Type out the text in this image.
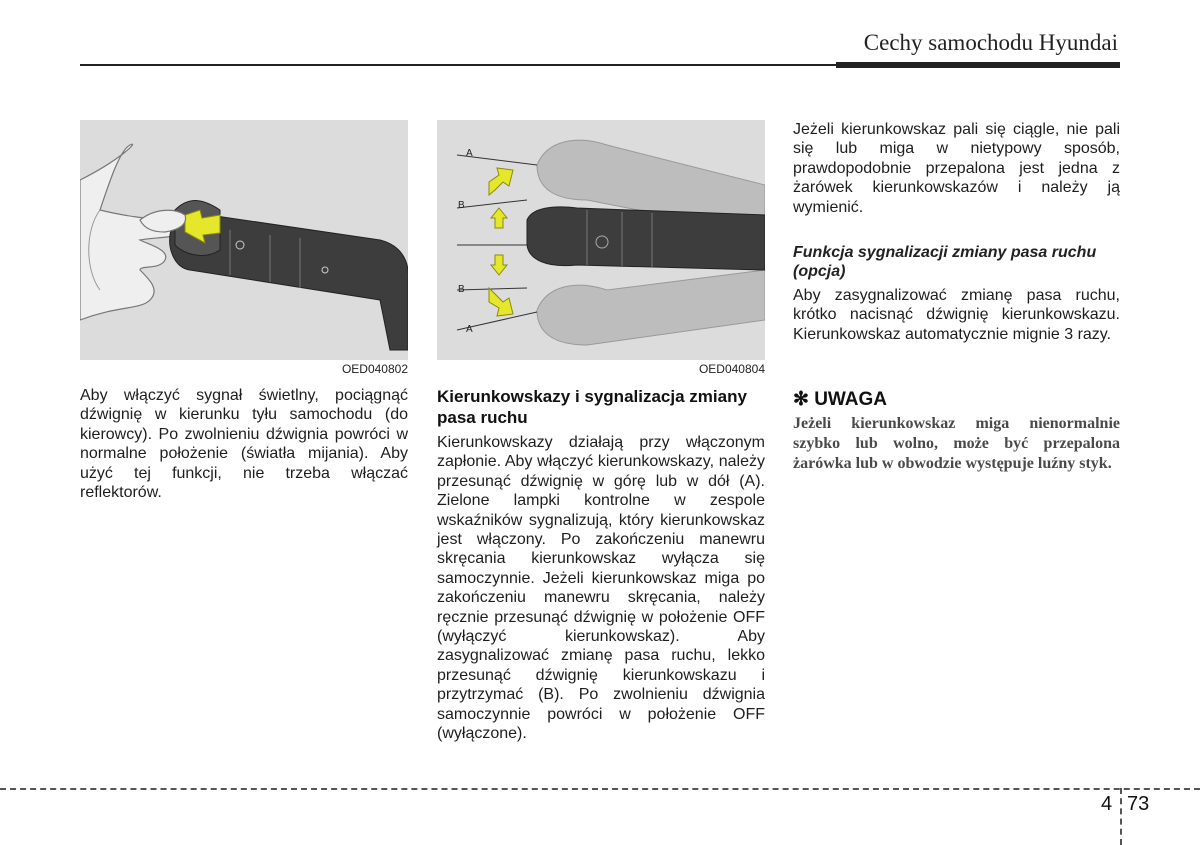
Cechy samochodu Hyundai
OED040802
A
B
B
A
OED040804
Aby włączyć sygnał świetlny, pociągnąć dźwignię w kierunku tyłu samochodu (do kierowcy). Po zwolnieniu dźwignia powróci w normalne położenie (światła mijania). Aby użyć tej funkcji, nie trzeba włączać reflektorów.
Kierunkowskazy i sygnalizacja zmiany pasa ruchu
Kierunkowskazy działają przy włączonym zapłonie. Aby włączyć kierunkowskazy, należy przesunąć dźwignię w górę lub w dół (A). Zielone lampki kontrolne w zespole wskaźników sygnalizują, który kierunkowskaz jest włączony. Po zakończeniu manewru skręcania kierunkowskaz wyłącza się samoczynnie. Jeżeli kierunkowskaz miga po zakończeniu manewru skręcania, należy ręcznie przesunąć dźwignię w położenie OFF (wyłączyć kierunkowskaz). Aby zasygnalizować zmianę pasa ruchu, lekko przesunąć dźwignię kierunkowskazu i przytrzymać (B). Po zwolnieniu dźwignia samoczynnie powróci w położenie OFF (wyłączone).
Jeżeli kierunkowskaz pali się ciągle, nie pali się lub miga w nietypowy sposób, prawdopodobnie przepalona jest jedna z żarówek kierunkowskazów i należy ją wymienić.
Funkcja sygnalizacji zmiany pasa ruchu (opcja)
Aby zasygnalizować zmianę pasa ruchu, krótko nacisnąć dźwignię kierunkowskazu. Kierunkowskaz automatycznie mignie 3 razy.
✻ UWAGA
Jeżeli kierunkowskaz miga nienormalnie szybko lub wolno, może być przepalona żarówka lub w obwodzie występuje luźny styk.
4 73
